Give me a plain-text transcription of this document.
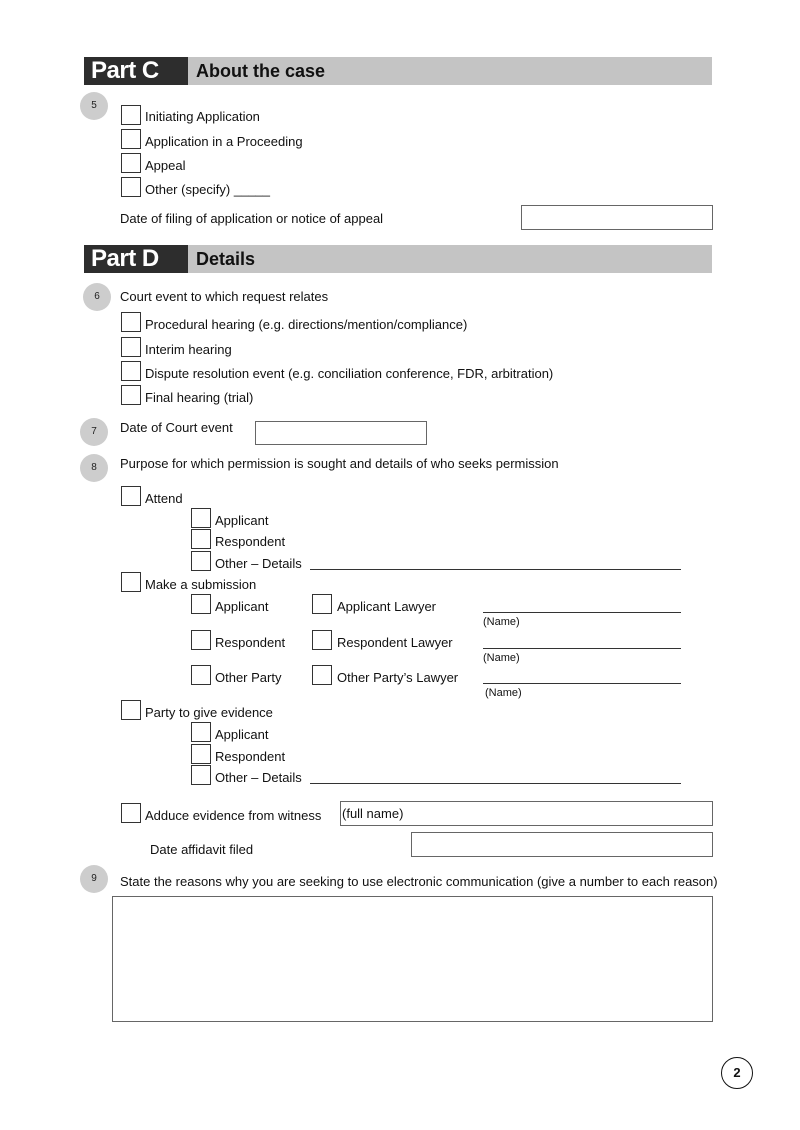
Part C	About the case
5
Initiating Application
Application in a Proceeding
Appeal
Other (specify) _____
Date of filing of application or notice of appeal
Part D	Details
6	Court event to which request relates
Procedural hearing (e.g. directions/mention/compliance)
Interim hearing
Dispute resolution event (e.g. conciliation conference, FDR, arbitration)
Final hearing (trial)
7	Date of Court event
8	Purpose for which permission is sought and details of who seeks permission
Attend
Applicant
Respondent
Other – Details
Make a submission
Applicant	Applicant Lawyer
(Name)
Respondent	Respondent Lawyer
(Name)
Other Party	Other Party’s Lawyer
(Name)
Party to give evidence
Applicant
Respondent
Other – Details
Adduce evidence from witness (full name)
Date affidavit filed
9	State the reasons why you are seeking to use electronic communication (give a number to each reason)
2
